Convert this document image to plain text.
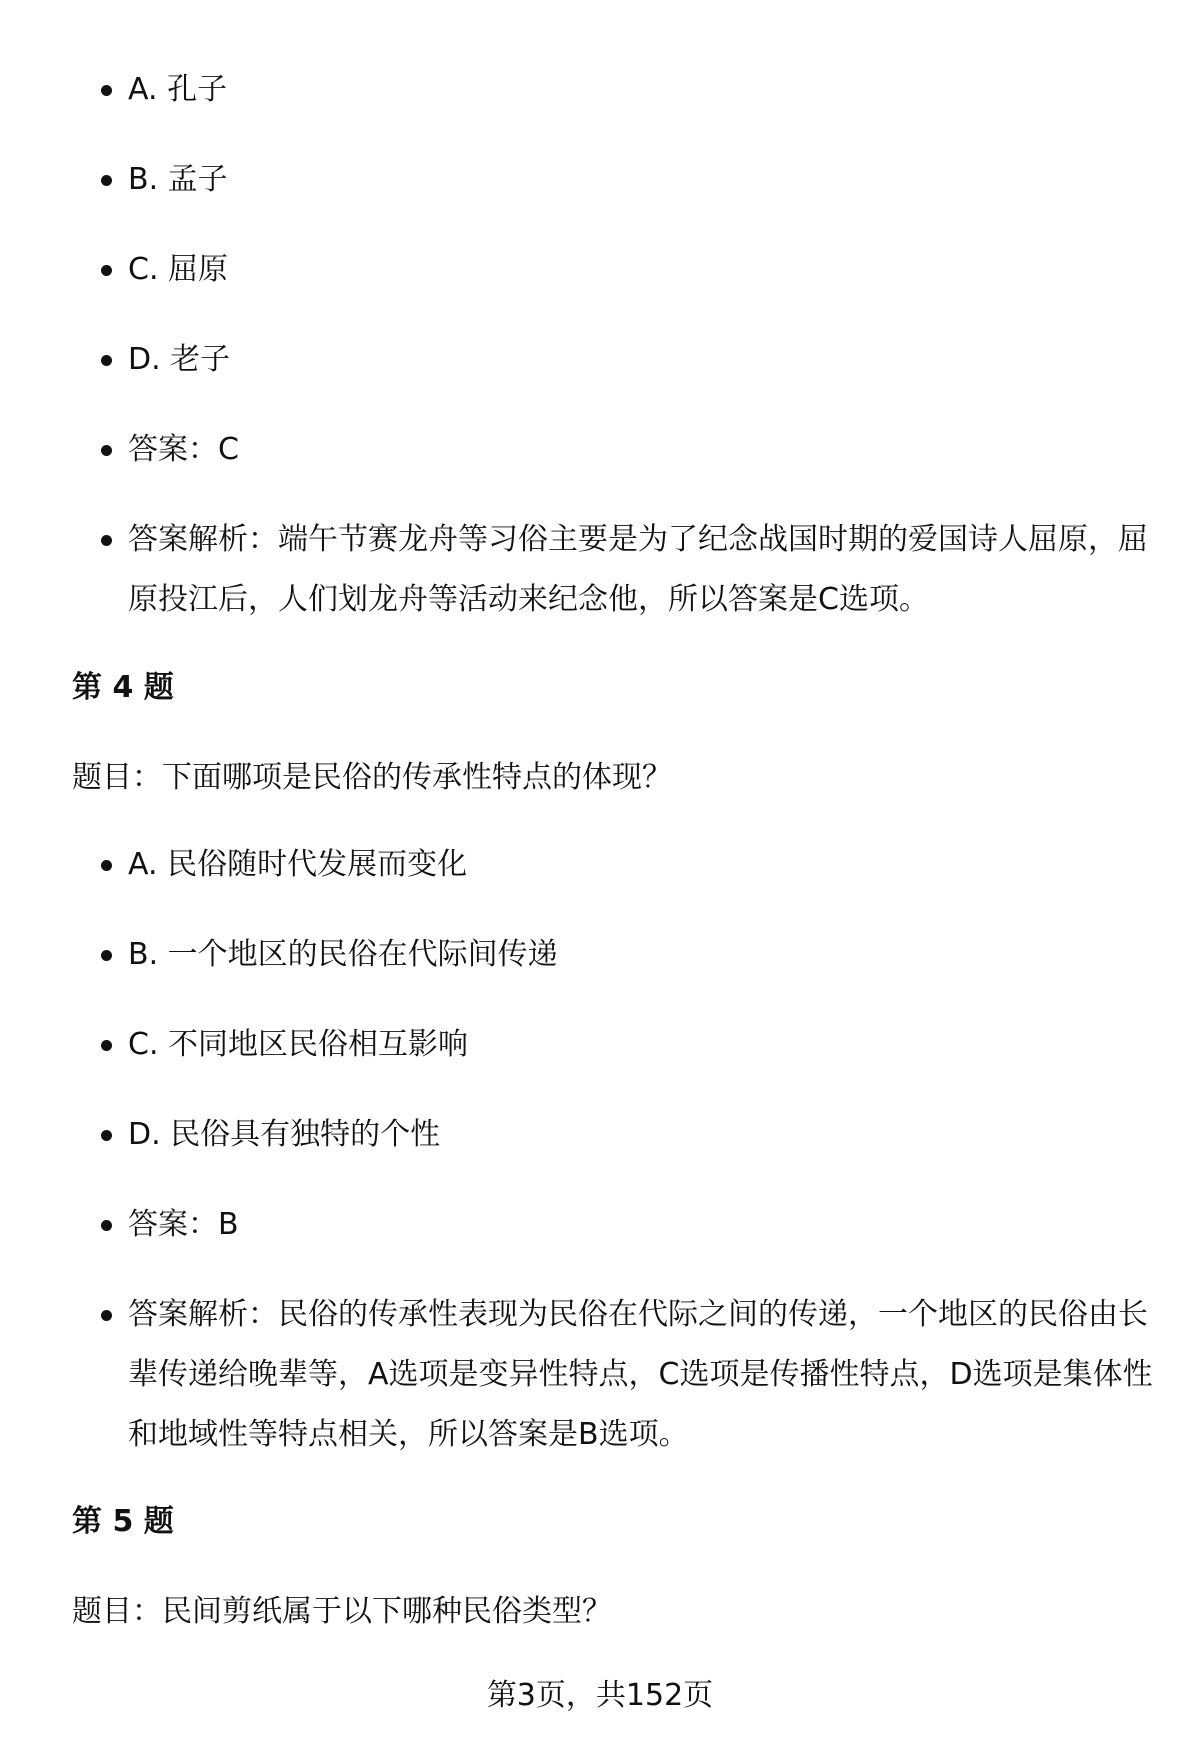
A. 孔子
B. 孟子
C. 屈原
D. 老子
答案：C
答案解析：端午节赛龙舟等习俗主要是为了纪念战国时期的爱国诗人屈原，屈
原投江后，人们划龙舟等活动来纪念他，所以答案是C选项。
第 4 题
题目：下面哪项是民俗的传承性特点的体现？
A. 民俗随时代发展而变化
B. 一个地区的民俗在代际间传递
C. 不同地区民俗相互影响
D. 民俗具有独特的个性
答案：B
答案解析：民俗的传承性表现为民俗在代际之间的传递，一个地区的民俗由长
辈传递给晚辈等，A选项是变异性特点，C选项是传播性特点，D选项是集体性
和地域性等特点相关，所以答案是B选项。
第 5 题
题目：民间剪纸属于以下哪种民俗类型？
第3页，共152页
